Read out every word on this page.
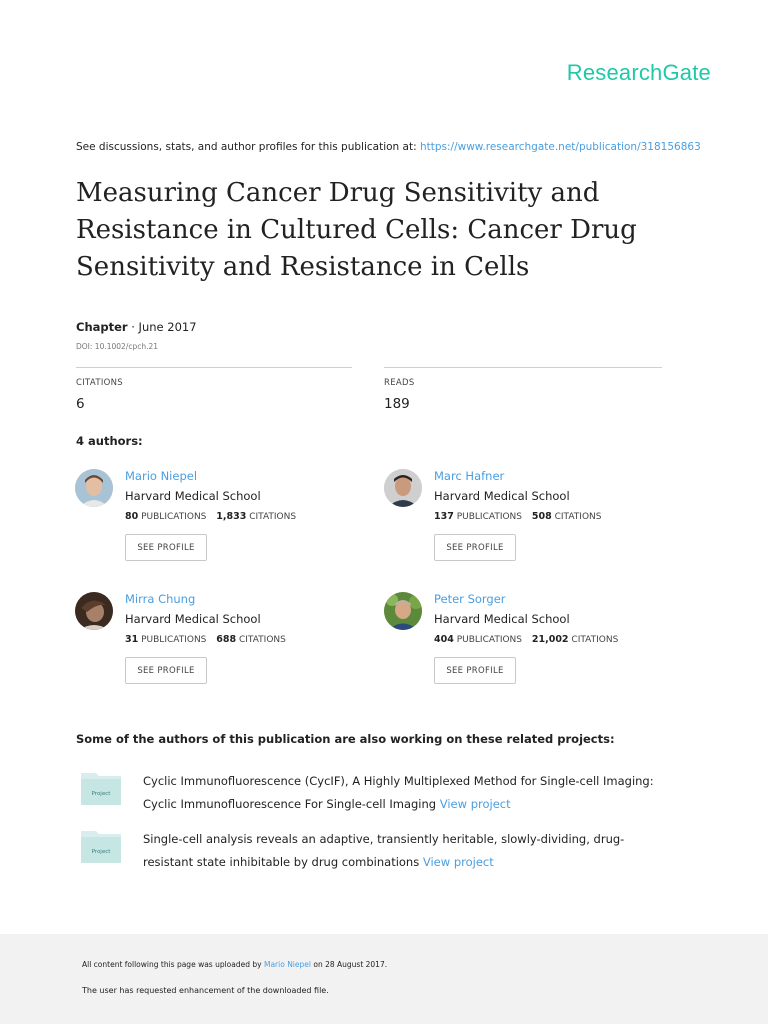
ResearchGate
See discussions, stats, and author profiles for this publication at: https://www.researchgate.net/publication/318156863
Measuring Cancer Drug Sensitivity and Resistance in Cultured Cells: Cancer Drug Sensitivity and Resistance in Cells
Chapter · June 2017
DOI: 10.1002/cpch.21
CITATIONS
6
READS
189
4 authors:
Mario Niepel
Harvard Medical School
80 PUBLICATIONS 1,833 CITATIONS
SEE PROFILE
Marc Hafner
Harvard Medical School
137 PUBLICATIONS 508 CITATIONS
SEE PROFILE
Mirra Chung
Harvard Medical School
31 PUBLICATIONS 688 CITATIONS
SEE PROFILE
Peter Sorger
Harvard Medical School
404 PUBLICATIONS 21,002 CITATIONS
SEE PROFILE
Some of the authors of this publication are also working on these related projects:
Project
Cyclic Immunofluorescence (CycIF), A Highly Multiplexed Method for Single-cell Imaging: Cyclic Immunofluorescence For Single-cell Imaging View project
Project
Single-cell analysis reveals an adaptive, transiently heritable, slowly-dividing, drug-resistant state inhibitable by drug combinations View project
All content following this page was uploaded by Mario Niepel on 28 August 2017.
The user has requested enhancement of the downloaded file.
